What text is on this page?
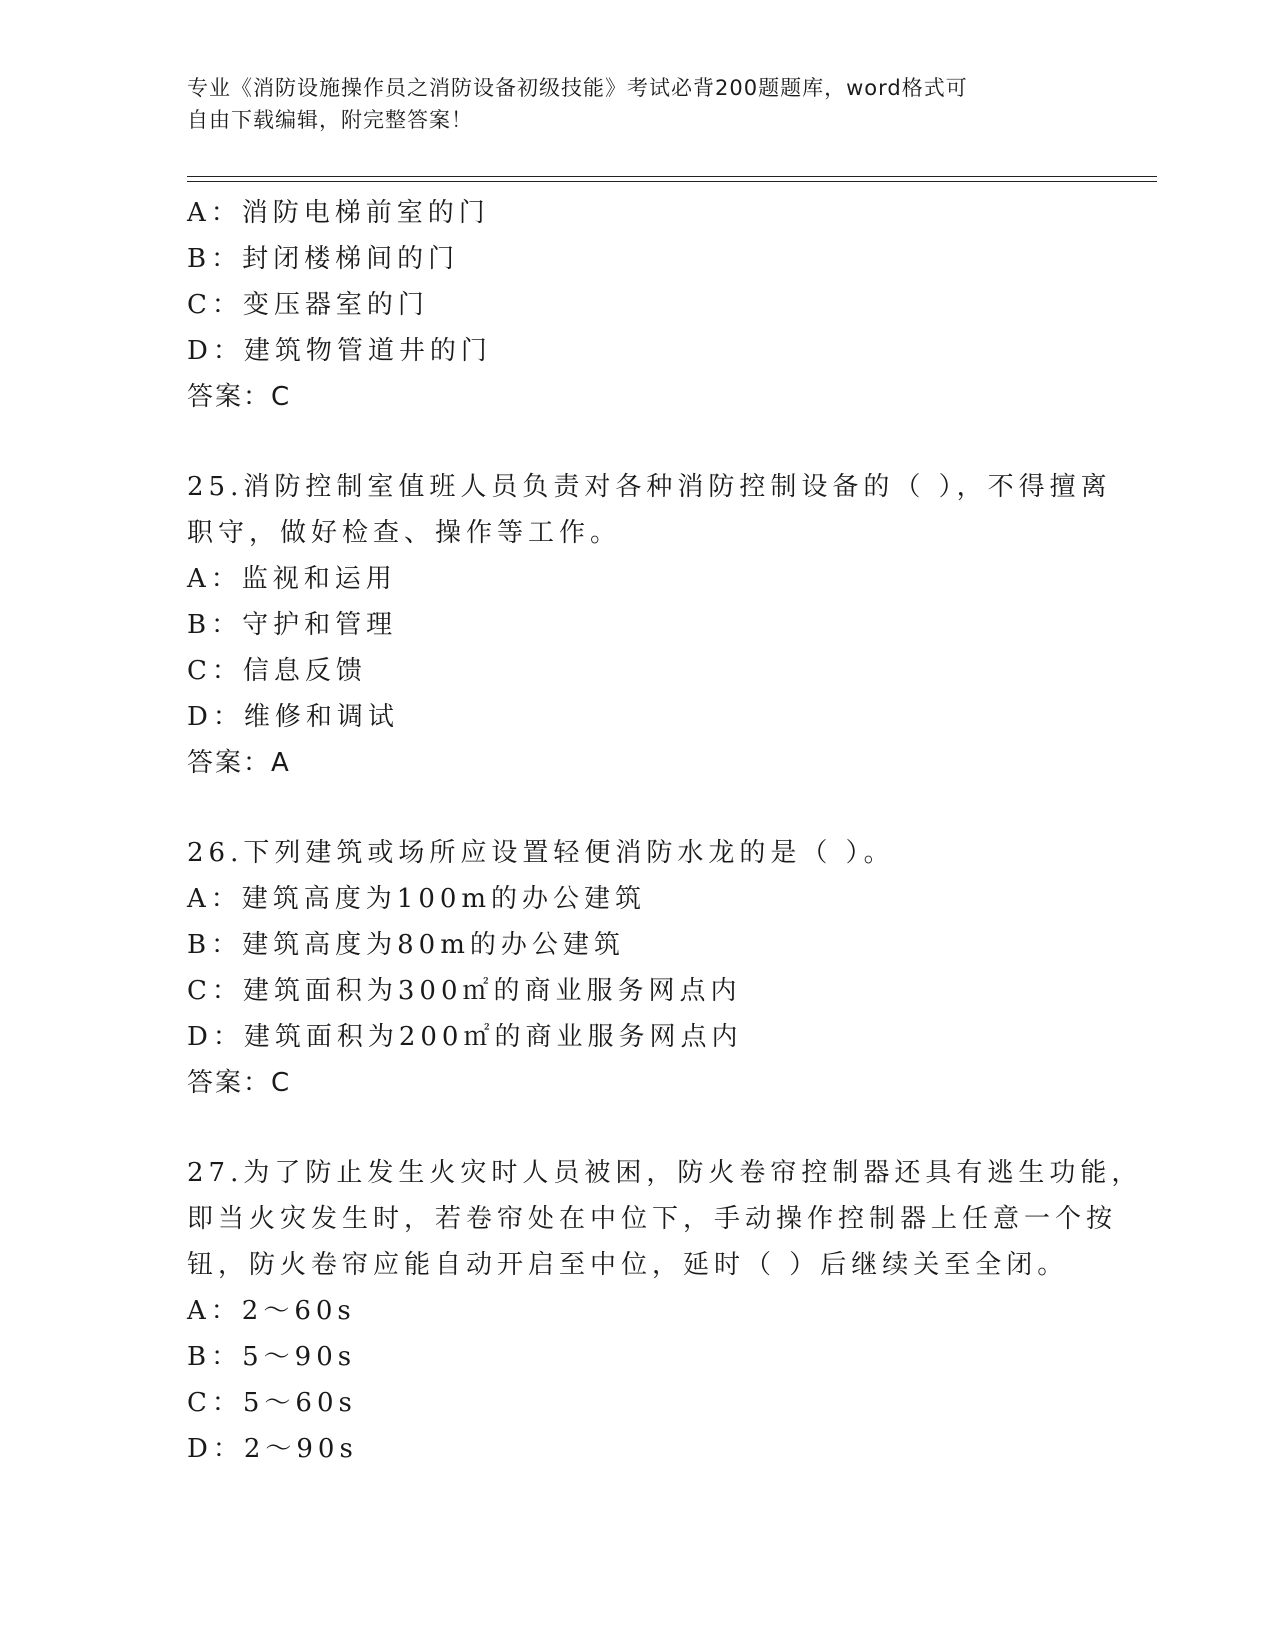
专业《消防设施操作员之消防设备初级技能》考试必背200题题库，word格式可
自由下载编辑，附完整答案！
A：消防电梯前室的门
B：封闭楼梯间的门
C：变压器室的门
D：建筑物管道井的门
答案：C
25.消防控制室值班人员负责对各种消防控制设备的（ ），不得擅离
职守，做好检查、操作等工作。
A：监视和运用
B：守护和管理
C：信息反馈
D：维修和调试
答案：A
26.下列建筑或场所应设置轻便消防水龙的是（ ）。
A：建筑高度为100m的办公建筑
B：建筑高度为80m的办公建筑
C：建筑面积为300㎡的商业服务网点内
D：建筑面积为200㎡的商业服务网点内
答案：C
27.为了防止发生火灾时人员被困，防火卷帘控制器还具有逃生功能，
即当火灾发生时，若卷帘处在中位下，手动操作控制器上任意一个按
钮，防火卷帘应能自动开启至中位，延时（ ）后继续关至全闭。
A：2～60s
B：5～90s
C：5～60s
D：2～90s
